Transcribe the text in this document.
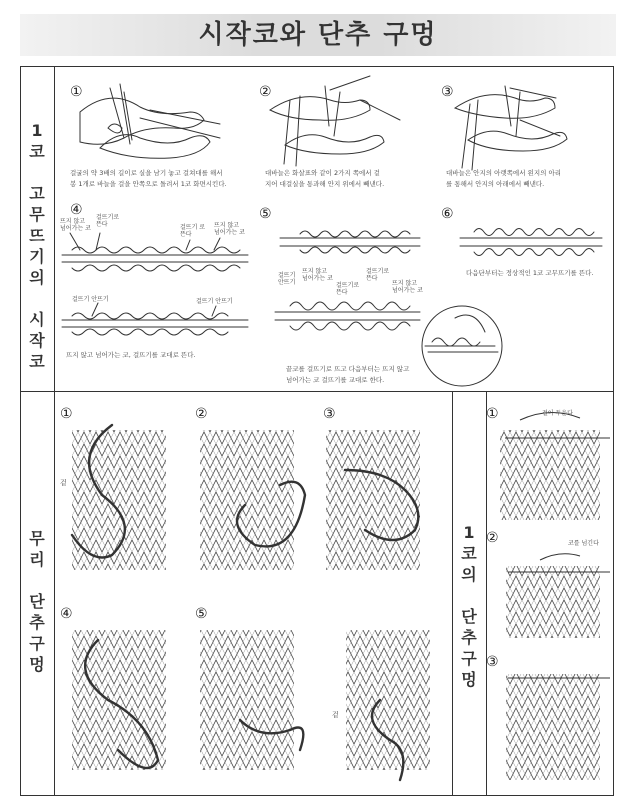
시작코와 단추 구멍
1
코

고
무
뜨
기
의

시
작
코
무
리

단
추
구
멍
1
코
의

단
추
구
멍
①	②	③
④	⑤	⑥
걸굴의 약 3배의 길이로 실을 남기 놓고 걸쳐대를 해서
봉 1개로 바늘을 걸을 안쪽으로 돌려서 1코 화면시킨다.
대바늘은 화살표와 같이 2가지 쪽에서 겉
지어 대걸실을 통과해 안지 위에서 빼낸다.
대바늘은 안지의 아랫쪽에서 왼지의 아리
를 통해서 안지의 아래에서 빼낸다.
뜨지 않고 넘어가는 코, 걸뜨기를 교대로 뜬다.
끝코를 걸뜨기로 뜨고 다음부터는 뜨지 않고
넘어가는 코 걸뜨기를 교대로 한다.
다음단부터는 정상적인 1코 고무뜨기를 뜬다.
뜨지 않고
넘어가는 코
걸뜨기로
뜬다	걸뜨기 로
뜬다
뜨지 않고
넘어가는 코
걸뜨기 안뜨기	걸뜨기 안뜨기
걸뜨기
안뜨기
뜨지 않고
넘어가는 코
걸뜨기로
뜬다
걸뜨기로
뜬다
뜨지 않고
넘어가는 코
①	②	③
④	⑤
겉
겉
①
②
③
걸어 두운다
코를 넘긴다
